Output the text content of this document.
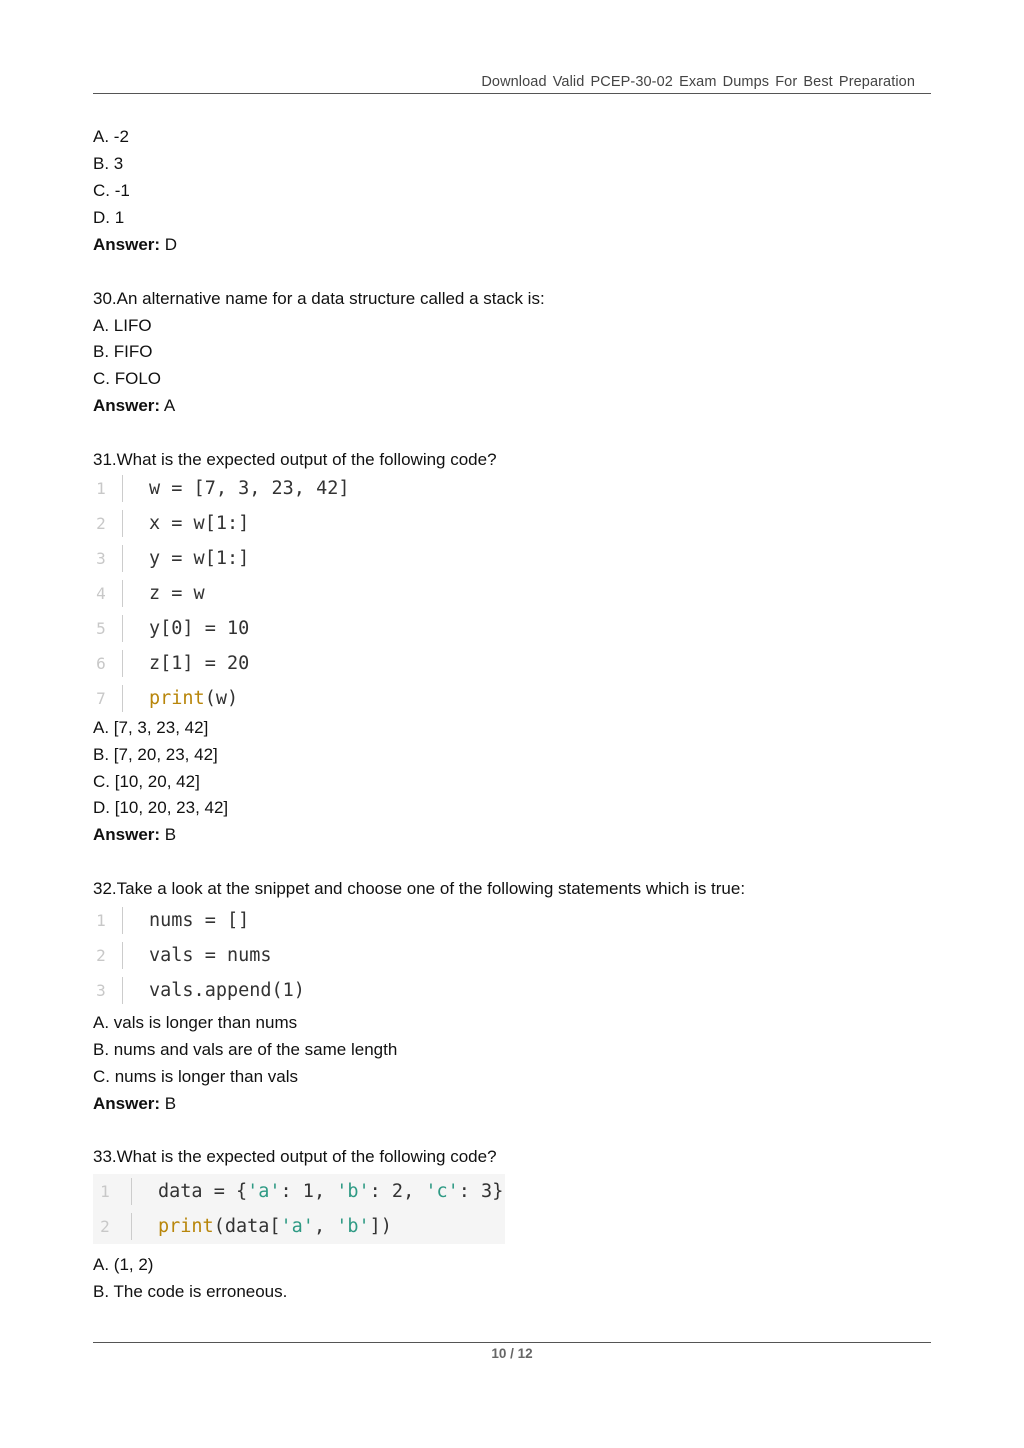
Download Valid PCEP-30-02 Exam Dumps For Best Preparation
A. -2
B. 3
C. -1
D. 1
Answer: D
30.An alternative name for a data structure called a stack is:
A. LIFO
B. FIFO
C. FOLO
Answer: A
31.What is the expected output of the following code?
1 w = [7, 3, 23, 42]
2 x = w[1:]
3 y = w[1:]
4 z = w
5 y[0] = 10
6 z[1] = 20
7 print(w)
A. [7, 3, 23, 42]
B. [7, 20, 23, 42]
C. [10, 20, 42]
D. [10, 20, 23, 42]
Answer: B
32.Take a look at the snippet and choose one of the following statements which is true:
1 nums = []
2 vals = nums
3 vals.append(1)
A. vals is longer than nums
B. nums and vals are of the same length
C. nums is longer than vals
Answer: B
33.What is the expected output of the following code?
1	data = {'a': 1, 'b': 2, 'c': 3}
2	print(data['a', 'b'])
A. (1, 2)
B. The code is erroneous.
10 / 12
